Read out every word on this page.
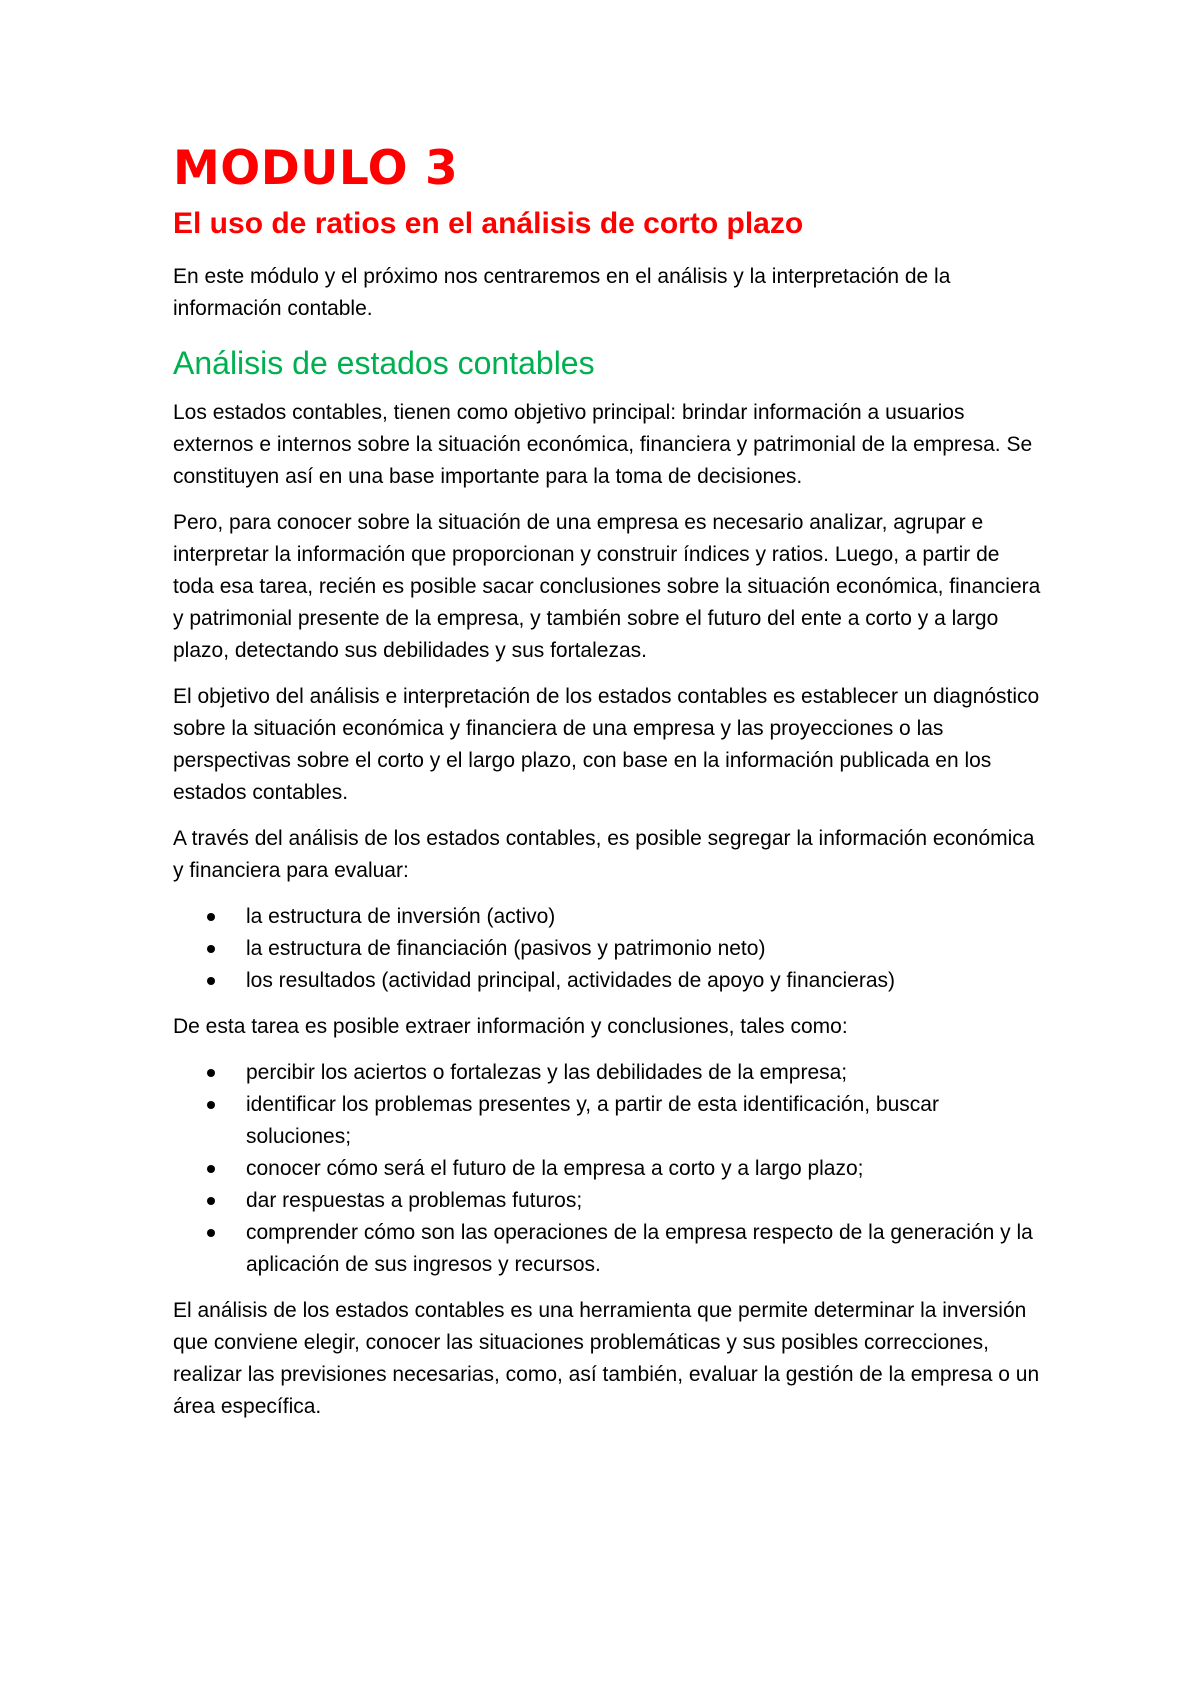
MODULO 3
El uso de ratios en el análisis de corto plazo

En este módulo y el próximo nos centraremos en el análisis y la interpretación de la información contable.

Análisis de estados contables

Los estados contables, tienen como objetivo principal: brindar información a usuarios externos e internos sobre la situación económica, financiera y patrimonial de la empresa. Se constituyen así en una base importante para la toma de decisiones.

Pero, para conocer sobre la situación de una empresa es necesario analizar, agrupar e interpretar la información que proporcionan y construir índices y ratios. Luego, a partir de toda esa tarea, recién es posible sacar conclusiones sobre la situación económica, financiera y patrimonial presente de la empresa, y también sobre el futuro del ente a corto y a largo plazo, detectando sus debilidades y sus fortalezas.

El objetivo del análisis e interpretación de los estados contables es establecer un diagnóstico sobre la situación económica y financiera de una empresa y las proyecciones o las perspectivas sobre el corto y el largo plazo, con base en la información publicada en los estados contables.

A través del análisis de los estados contables, es posible segregar la información económica y financiera para evaluar:

la estructura de inversión (activo)
la estructura de financiación (pasivos y patrimonio neto)
los resultados (actividad principal, actividades de apoyo y financieras)

De esta tarea es posible extraer información y conclusiones, tales como:

percibir los aciertos o fortalezas y las debilidades de la empresa;
identificar los problemas presentes y, a partir de esta identificación, buscar soluciones;
conocer cómo será el futuro de la empresa a corto y a largo plazo;
dar respuestas a problemas futuros;
comprender cómo son las operaciones de la empresa respecto de la generación y la aplicación de sus ingresos y recursos.

El análisis de los estados contables es una herramienta que permite determinar la inversión que conviene elegir, conocer las situaciones problemáticas y sus posibles correcciones, realizar las previsiones necesarias, como, así también, evaluar la gestión de la empresa o un área específica.
